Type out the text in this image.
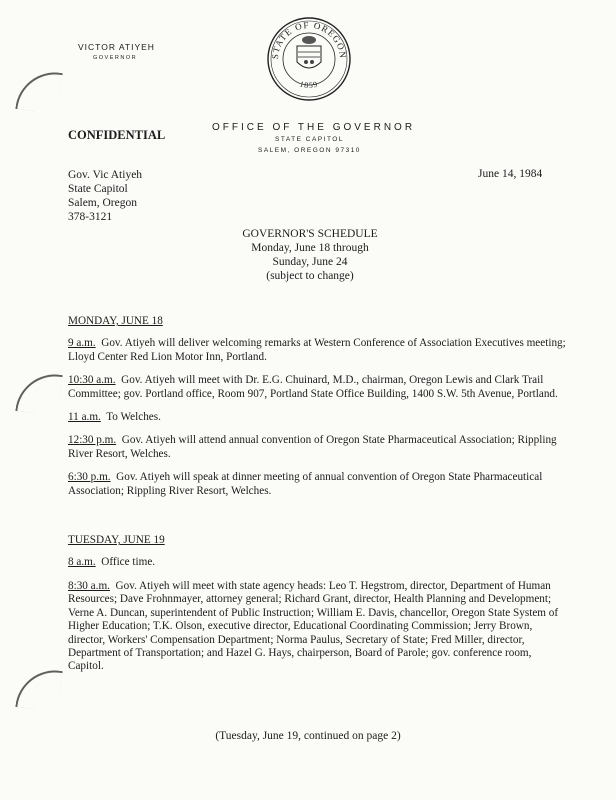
VICTOR ATIYEH
GOVERNOR	STATE OF OREGON
1859
OFFICE OF THE GOVERNOR
STATE CAPITOL
SALEM, OREGON 97310
CONFIDENTIAL
Gov. Vic Atiyeh
State Capitol
Salem, Oregon
378-3121
June 14, 1984
GOVERNOR'S SCHEDULE
Monday, June 18 through
Sunday, June 24
(subject to change)
MONDAY, JUNE 18
9 a.m. Gov. Atiyeh will deliver welcoming remarks at Western Conference of Association Executives meeting; Lloyd Center Red Lion Motor Inn, Portland.
10:30 a.m. Gov. Atiyeh will meet with Dr. E.G. Chuinard, M.D., chairman, Oregon Lewis and Clark Trail Committee; gov. Portland office, Room 907, Portland State Office Building, 1400 S.W. 5th Avenue, Portland.
11 a.m. To Welches.
12:30 p.m. Gov. Atiyeh will attend annual convention of Oregon State Pharmaceutical Association; Rippling River Resort, Welches.
6:30 p.m. Gov. Atiyeh will speak at dinner meeting of annual convention of Oregon State Pharmaceutical Association; Rippling River Resort, Welches.
TUESDAY, JUNE 19
8 a.m. Office time.
8:30 a.m. Gov. Atiyeh will meet with state agency heads: Leo T. Hegstrom, director, Department of Human Resources; Dave Frohnmayer, attorney general; Richard Grant, director, Health Planning and Development; Verne A. Duncan, superintendent of Public Instruction; William E. Davis, chancellor, Oregon State System of Higher Education; T.K. Olson, executive director, Educational Coordinating Commission; Jerry Brown, director, Workers' Compensation Department; Norma Paulus, Secretary of State; Fred Miller, director, Department of Transportation; and Hazel G. Hays, chairperson, Board of Parole; gov. conference room, Capitol.
(Tuesday, June 19, continued on page 2)
